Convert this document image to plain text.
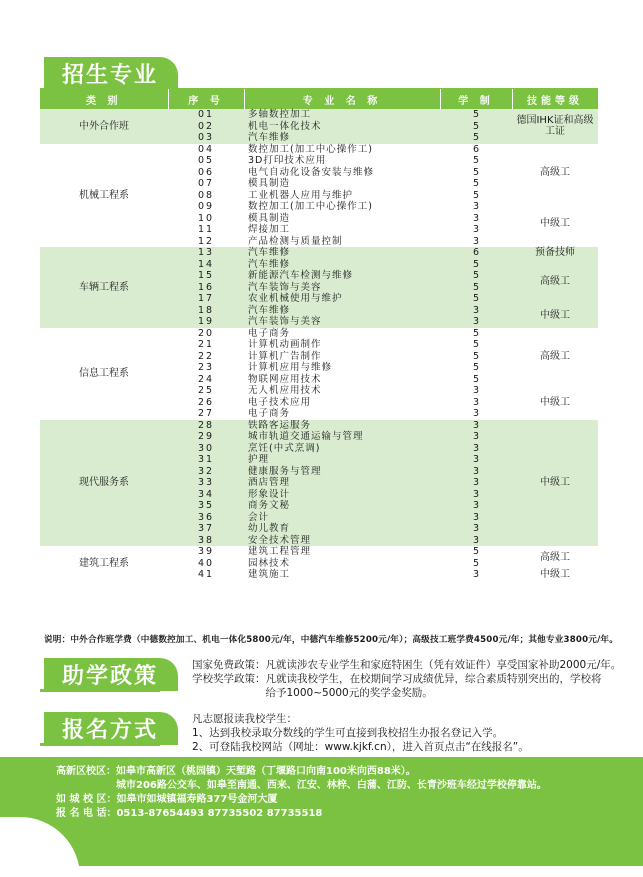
招生专业
类 别	序 号	专 业 名 称	学 制	技能等级
中外合作班	01	多轴数控加工	5	德国IHK证和高级工证
	02	机电一体化技术	5	
	03	汽车维修	5	
机械工程系	04	数控加工(加工中心操作工)	6	高级工
	05	3D打印技术应用	5	
	06	电气自动化设备安装与维修	5	
	07	模具制造	5	
	08	工业机器人应用与维护	5	
	09	数控加工(加工中心操作工)	3	中级工
	10	模具制造	3	
	11	焊接加工	3	
	12	产品检测与质量控制	3	
车辆工程系	13	汽车维修	6	预备技师
	14	汽车维修	5	高级工
	15	新能源汽车检测与维修	5	
	16	汽车装饰与美容	5	
	17	农业机械使用与维护	5	
	18	汽车维修	3	中级工
	19	汽车装饰与美容	3	
信息工程系	20	电子商务	5	高级工
	21	计算机动画制作	5	
	22	计算机广告制作	5	
	23	计算机应用与维修	5	
	24	物联网应用技术	5	
	25	无人机应用技术	3	中级工
	26	电子技术应用	3	
	27	电子商务	3	
现代服务系	28	铁路客运服务	3	中级工
	29	城市轨道交通运输与管理	3	
	30	烹饪(中式烹调)	3	
	31	护理	3	
	32	健康服务与管理	3	
	33	酒店管理	3	
	34	形象设计	3	
	35	商务文秘	3	
	36	会计	3	
	37	幼儿教育	3	
	38	安全技术管理	3	
建筑工程系	39	建筑工程管理	5	高级工
	40	园林技术	5	
	41	建筑施工	3	中级工
说明：中外合作班学费（中德数控加工、机电一体化5800元/年，中德汽车维修5200元/年）；高级技工班学费4500元/年；其他专业3800元/年。
助学政策	国家免费政策：凡就读涉农专业学生和家庭特困生（凭有效证件）享受国家补助2000元/年。
学校奖学政策：凡就读我校学生，在校期间学习成绩优异，综合素质特别突出的，学校将
　　　　　　　给予1000~5000元的奖学金奖励。
报名方式	凡志愿报读我校学生：
1、达到我校录取分数线的学生可直接到我校招生办报名登记入学。
2、可登陆我校网站（网址：www.kjkf.cn），进入首页点击“在线报名”。
高新区校区：如皋市高新区（桃园镇）天堑路（丁堰路口向南100米向西88米）。
　　　　　　城市206路公交车、如皋至南通、西来、江安、林梓、白蒲、江防、长青沙班车经过学校停靠站。
如 城 校 区：如皋市如城镇福寿路377号金河大厦
报 名 电 话：0513-87654493 87735502 87735518
